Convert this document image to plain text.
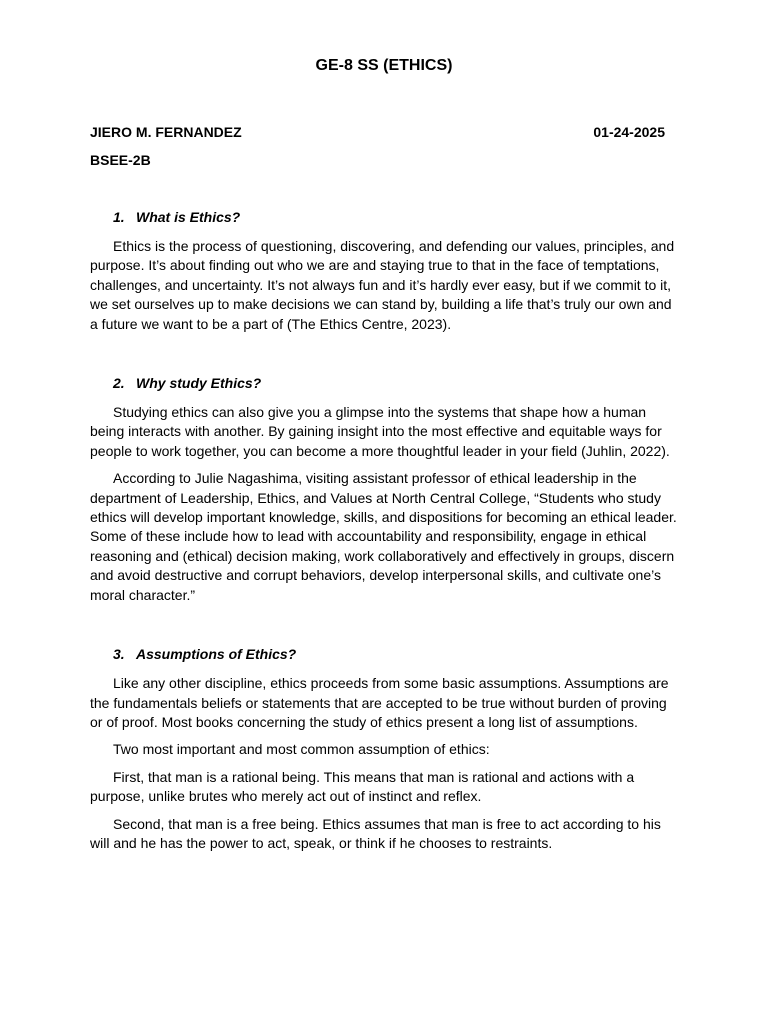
GE-8 SS (ETHICS)
JIERO M. FERNANDEZ	01-24-2025
BSEE-2B
1. What is Ethics?

Ethics is the process of questioning, discovering, and defending our values, principles, and purpose. It’s about finding out who we are and staying true to that in the face of temptations, challenges, and uncertainty. It’s not always fun and it’s hardly ever easy, but if we commit to it, we set ourselves up to make decisions we can stand by, building a life that’s truly our own and a future we want to be a part of (The Ethics Centre, 2023).

2. Why study Ethics?

Studying ethics can also give you a glimpse into the systems that shape how a human being interacts with another. By gaining insight into the most effective and equitable ways for people to work together, you can become a more thoughtful leader in your field (Juhlin, 2022).

According to Julie Nagashima, visiting assistant professor of ethical leadership in the department of Leadership, Ethics, and Values at North Central College, “Students who study ethics will develop important knowledge, skills, and dispositions for becoming an ethical leader. Some of these include how to lead with accountability and responsibility, engage in ethical reasoning and (ethical) decision making, work collaboratively and effectively in groups, discern and avoid destructive and corrupt behaviors, develop interpersonal skills, and cultivate one’s moral character.”

3. Assumptions of Ethics?

Like any other discipline, ethics proceeds from some basic assumptions. Assumptions are the fundamentals beliefs or statements that are accepted to be true without burden of proving or of proof. Most books concerning the study of ethics present a long list of assumptions.

Two most important and most common assumption of ethics:

First, that man is a rational being. This means that man is rational and actions with a purpose, unlike brutes who merely act out of instinct and reflex.

Second, that man is a free being. Ethics assumes that man is free to act according to his will and he has the power to act, speak, or think if he chooses to restraints.
